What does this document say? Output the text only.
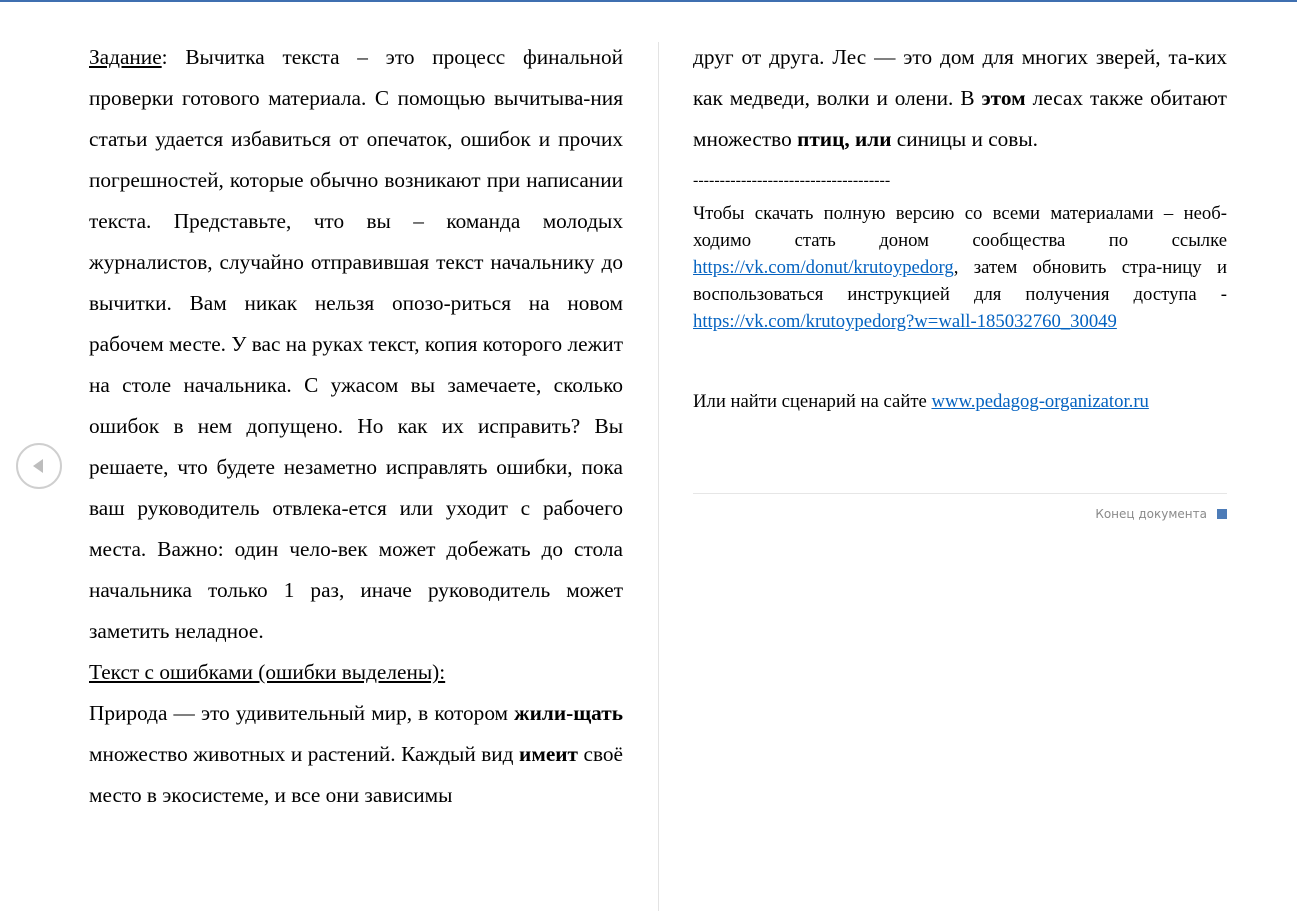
Задание: Вычитка текста – это процесс финальной проверки готового материала. С помощью вычитыва-ния статьи удается избавиться от опечаток, ошибок и прочих погрешностей, которые обычно возникают при написании текста. Представьте, что вы – команда молодых журналистов, случайно отправившая текст начальнику до вычитки. Вам никак нельзя опозо-риться на новом рабочем месте. У вас на руках текст, копия которого лежит на столе начальника. С ужасом вы замечаете, сколько ошибок в нем допущено. Но как их исправить? Вы решаете, что будете незаметно исправлять ошибки, пока ваш руководитель отвлека-ется или уходит с рабочего места. Важно: один чело-век может добежать до стола начальника только 1 раз, иначе руководитель может заметить неладное.

Текст с ошибками (ошибки выделены):

Природа — это удивительный мир, в котором жили-щать множество животных и растений. Каждый вид имеит своё место в экосистеме, и все они зависимы

друг от друга. Лес — это дом для многих зверей, та-ких как медведи, волки и олени. В этом лесах также обитают множество птиц, или синицы и совы.

-------------------------------------

Чтобы скачать полную версию со всеми материалами – необ-ходимо стать доном сообщества по ссылке https://vk.com/donut/krutoypedorg, затем обновить стра-ницу и воспользоваться инструкцией для получения доступа - https://vk.com/krutoypedorg?w=wall-185032760_30049

Или найти сценарий на сайте www.pedagog-organizator.ru

Конец документа
